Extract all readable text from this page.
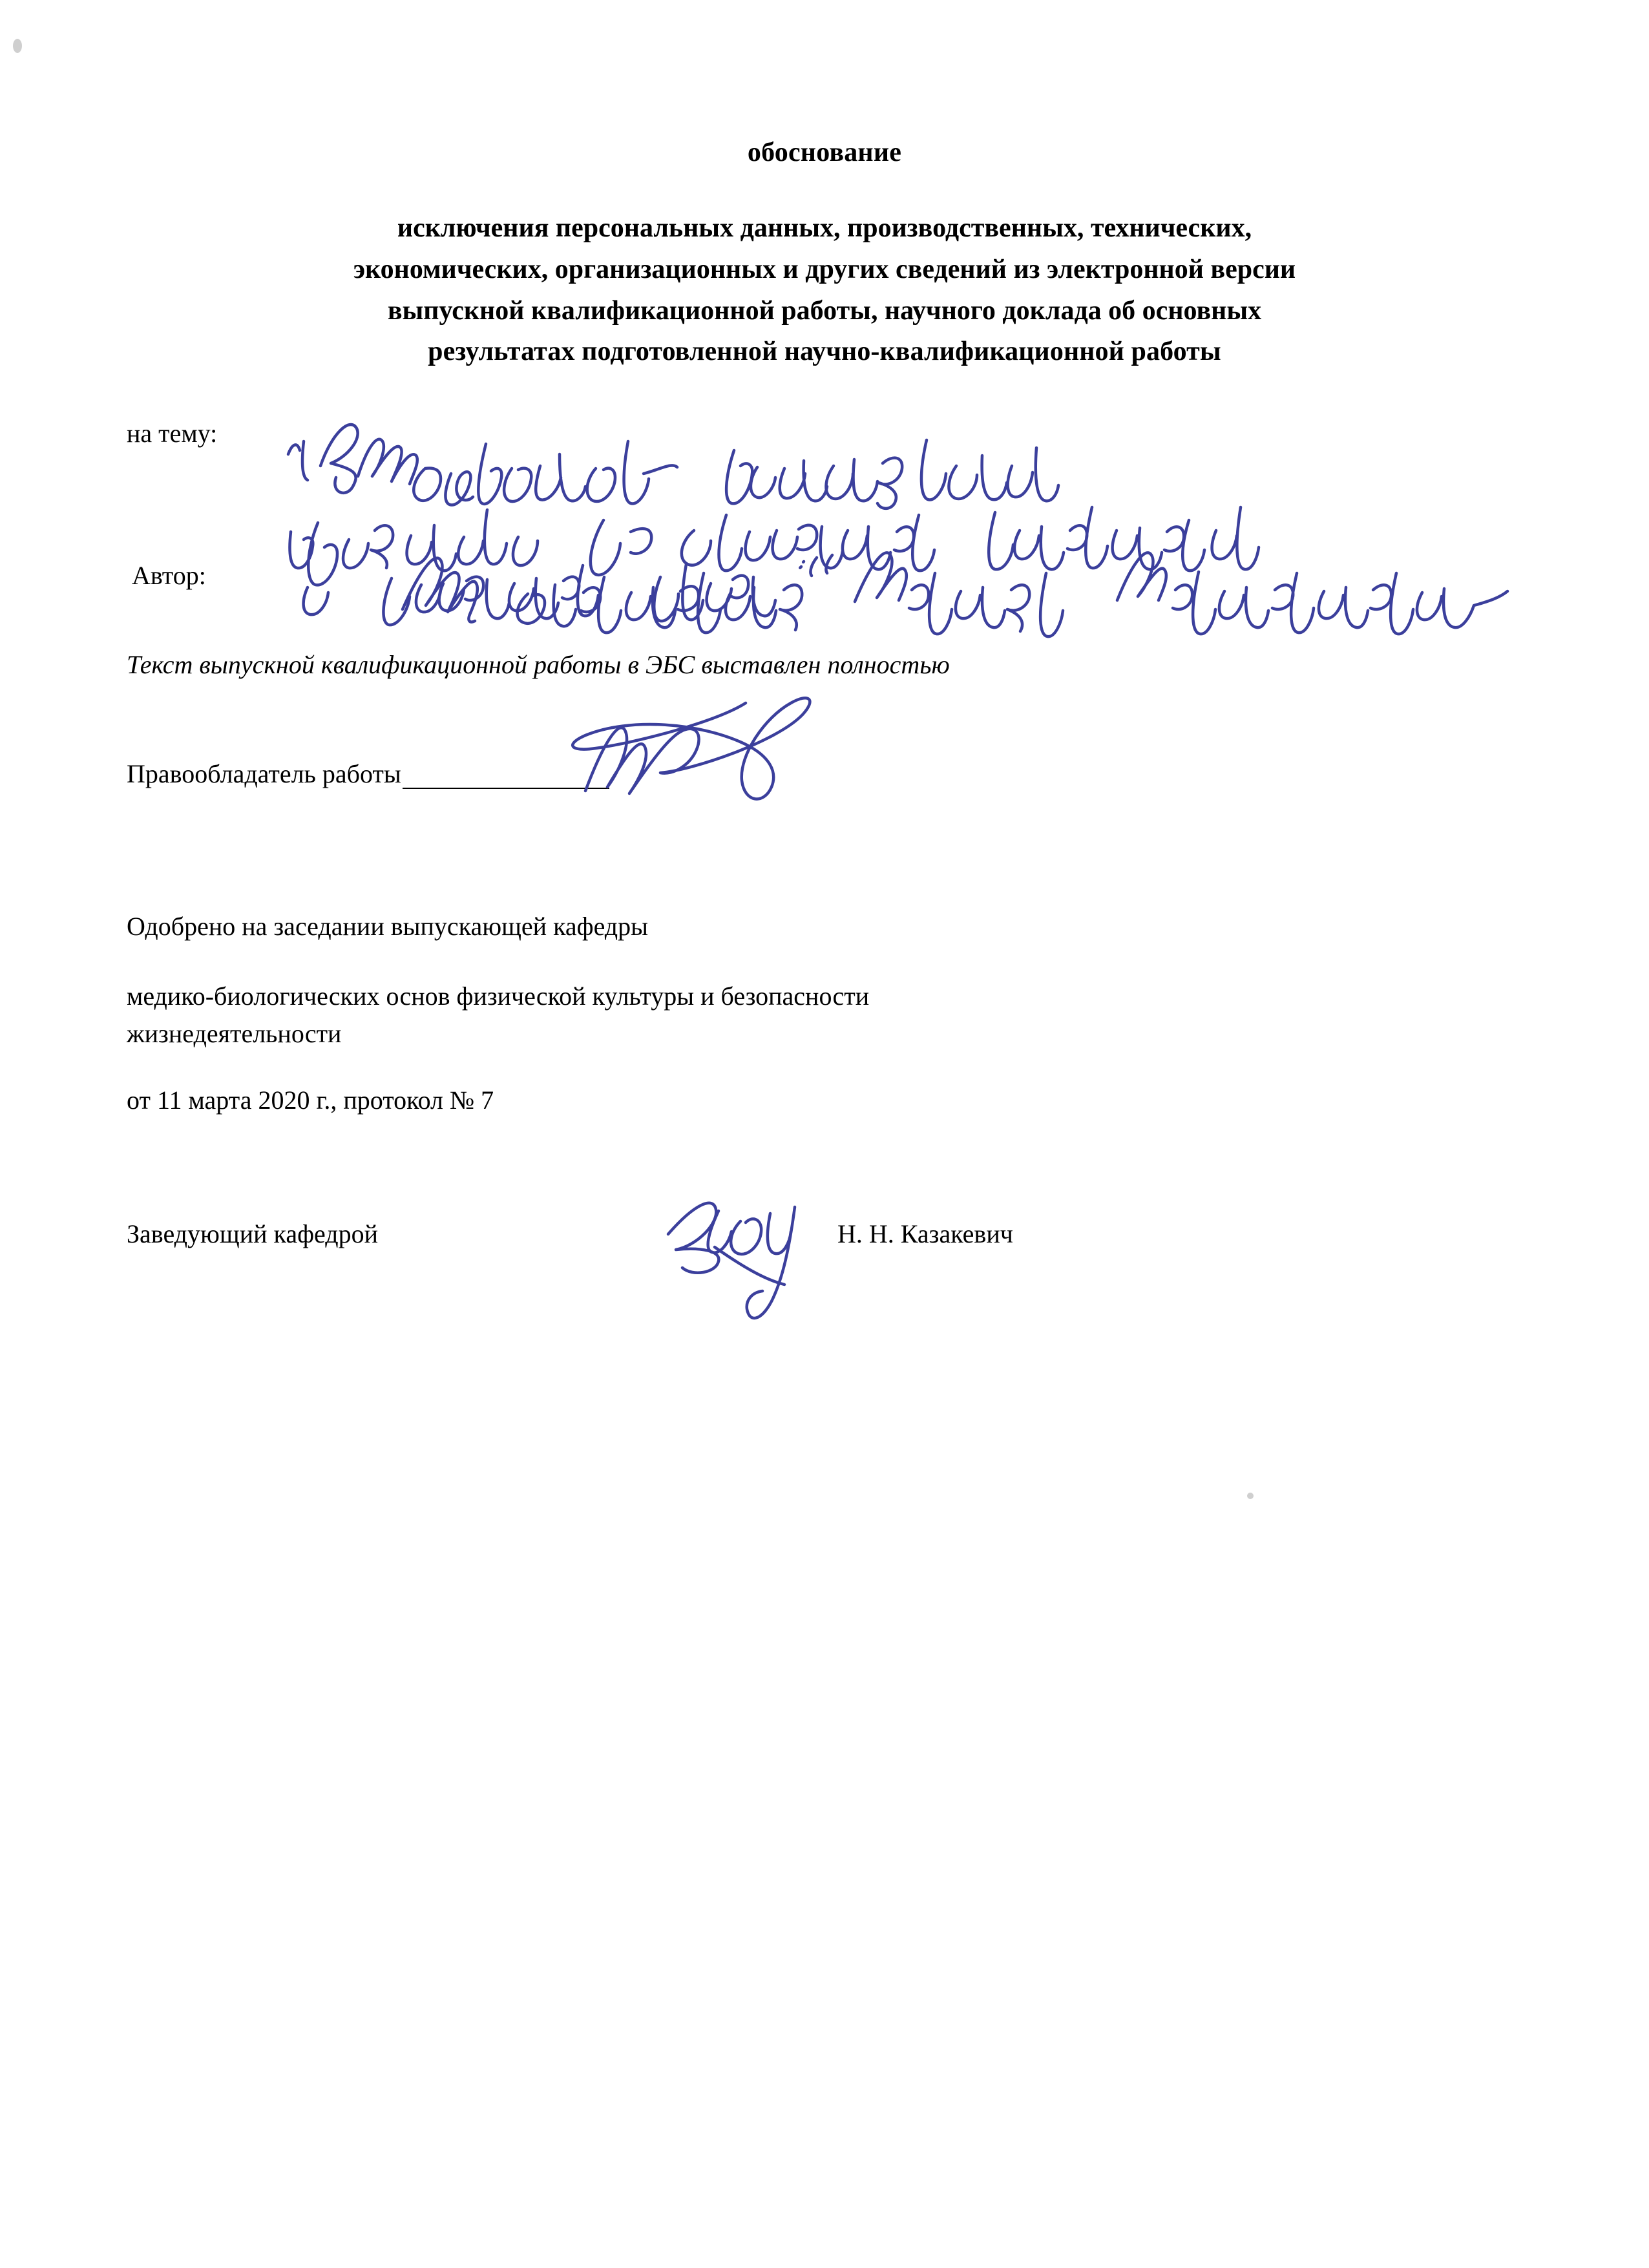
обоснование
исключения персональных данных, производственных, технических,
экономических, организационных и других сведений из электронной версии
выпускной квалификационной работы, научного доклада об основных
результатах подготовленной научно-квалификационной работы
на тему:
Автор:
Текст выпускной квалификационной работы в ЭБС выставлен полностью
Правообладатель работы
Одобрено на заседании выпускающей кафедры
медико-биологических основ физической культуры и безопасности
жизнедеятельности
от 11 марта 2020 г., протокол № 7
Заведующий кафедрой	Н. Н. Казакевич
